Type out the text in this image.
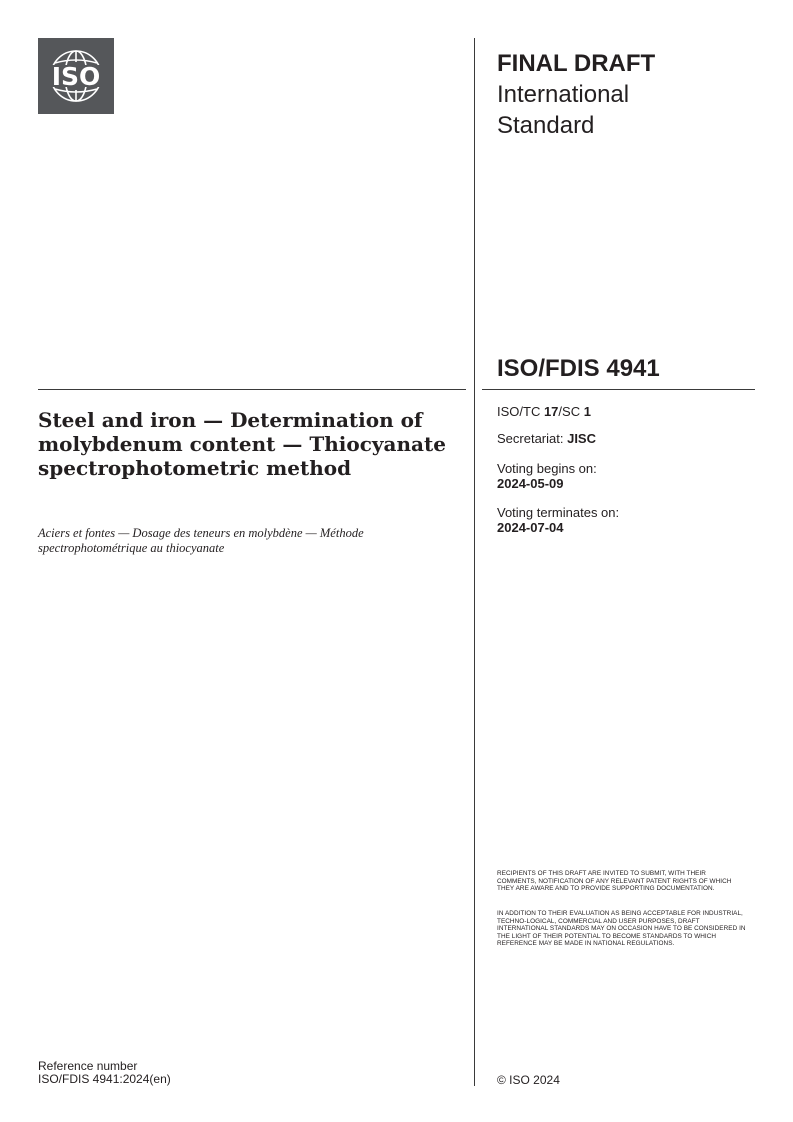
ISO	FINAL DRAFT
International
Standard
ISO/FDIS 4941
ISO/TC 17/SC 1
Secretariat: JISC
Voting begins on:
2024-05-09
Voting terminates on:
2024-07-04
Steel and iron — Determination of molybdenum content — Thiocyanate spectrophotometric method
Aciers et fontes — Dosage des teneurs en molybdène — Méthode spectrophotométrique au thiocyanate

RECIPIENTS OF THIS DRAFT ARE INVITED TO SUBMIT, WITH THEIR COMMENTS, NOTIFICATION OF ANY RELEVANT PATENT RIGHTS OF WHICH THEY ARE AWARE AND TO PROVIDE SUPPORTING DOCUMENTATION.

IN ADDITION TO THEIR EVALUATION AS BEING ACCEPTABLE FOR INDUSTRIAL, TECHNO-LOGICAL, COMMERCIAL AND USER PURPOSES, DRAFT INTERNATIONAL STANDARDS MAY ON OCCASION HAVE TO BE CONSIDERED IN THE LIGHT OF THEIR POTENTIAL TO BECOME STANDARDS TO WHICH REFERENCE MAY BE MADE IN NATIONAL REGULATIONS.

Reference number
ISO/FDIS 4941:2024(en)	© ISO 2024
